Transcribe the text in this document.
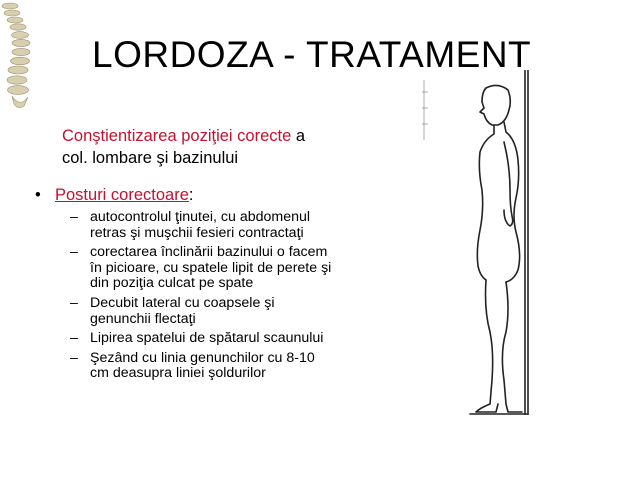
LORDOZA - TRATAMENT
Conştientizarea poziţiei corecte a
col. lombare şi bazinului
• Posturi corectoare:
– autocontrolul ţinutei, cu abdomenul
retras şi muşchii fesieri contractaţi
– corectarea înclinării bazinului o facem
în picioare, cu spatele lipit de perete şi
din poziţia culcat pe spate
– Decubit lateral cu coapsele şi
genunchii flectaţi
– Lipirea spatelui de spătarul scaunului
– Şezând cu linia genunchilor cu 8-10
cm deasupra liniei şoldurilor
